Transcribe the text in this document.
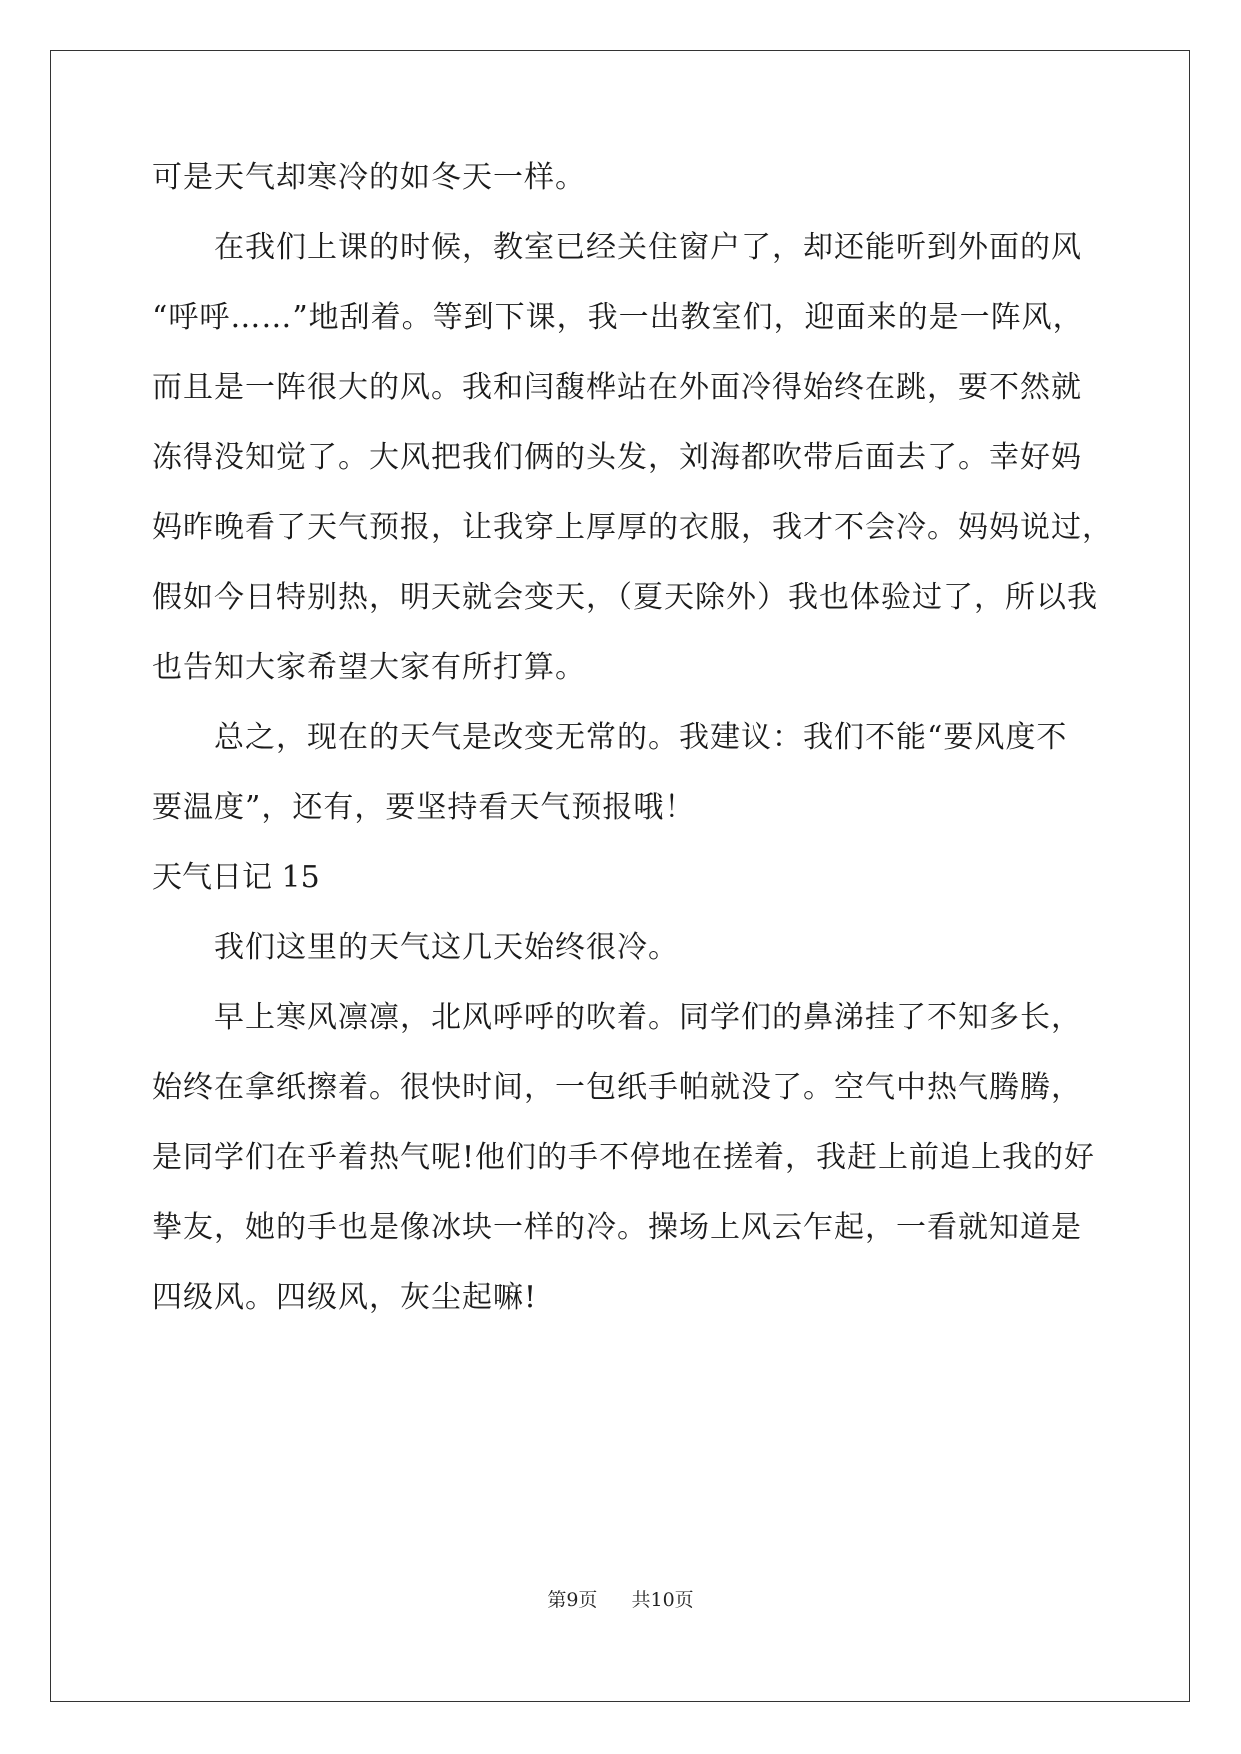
可是天气却寒冷的如冬天一样。
在我们上课的时候，教室已经关住窗户了，却还能听到外面的风
“呼呼……”地刮着。等到下课，我一出教室们，迎面来的是一阵风，
而且是一阵很大的风。我和闫馥桦站在外面冷得始终在跳，要不然就
冻得没知觉了。大风把我们俩的头发，刘海都吹带后面去了。幸好妈
妈昨晚看了天气预报，让我穿上厚厚的衣服，我才不会冷。妈妈说过，
假如今日特别热，明天就会变天，（夏天除外）我也体验过了，所以我
也告知大家希望大家有所打算。
总之，现在的天气是改变无常的。我建议：我们不能“要风度不
要温度”，还有，要坚持看天气预报哦！
天气日记 15
我们这里的天气这几天始终很冷。
早上寒风凛凛，北风呼呼的吹着。同学们的鼻涕挂了不知多长，
始终在拿纸擦着。很快时间，一包纸手帕就没了。空气中热气腾腾，
是同学们在乎着热气呢!他们的手不停地在搓着，我赶上前追上我的好
挚友，她的手也是像冰块一样的冷。操场上风云乍起，一看就知道是
四级风。四级风，灰尘起嘛!
第9页 共10页
